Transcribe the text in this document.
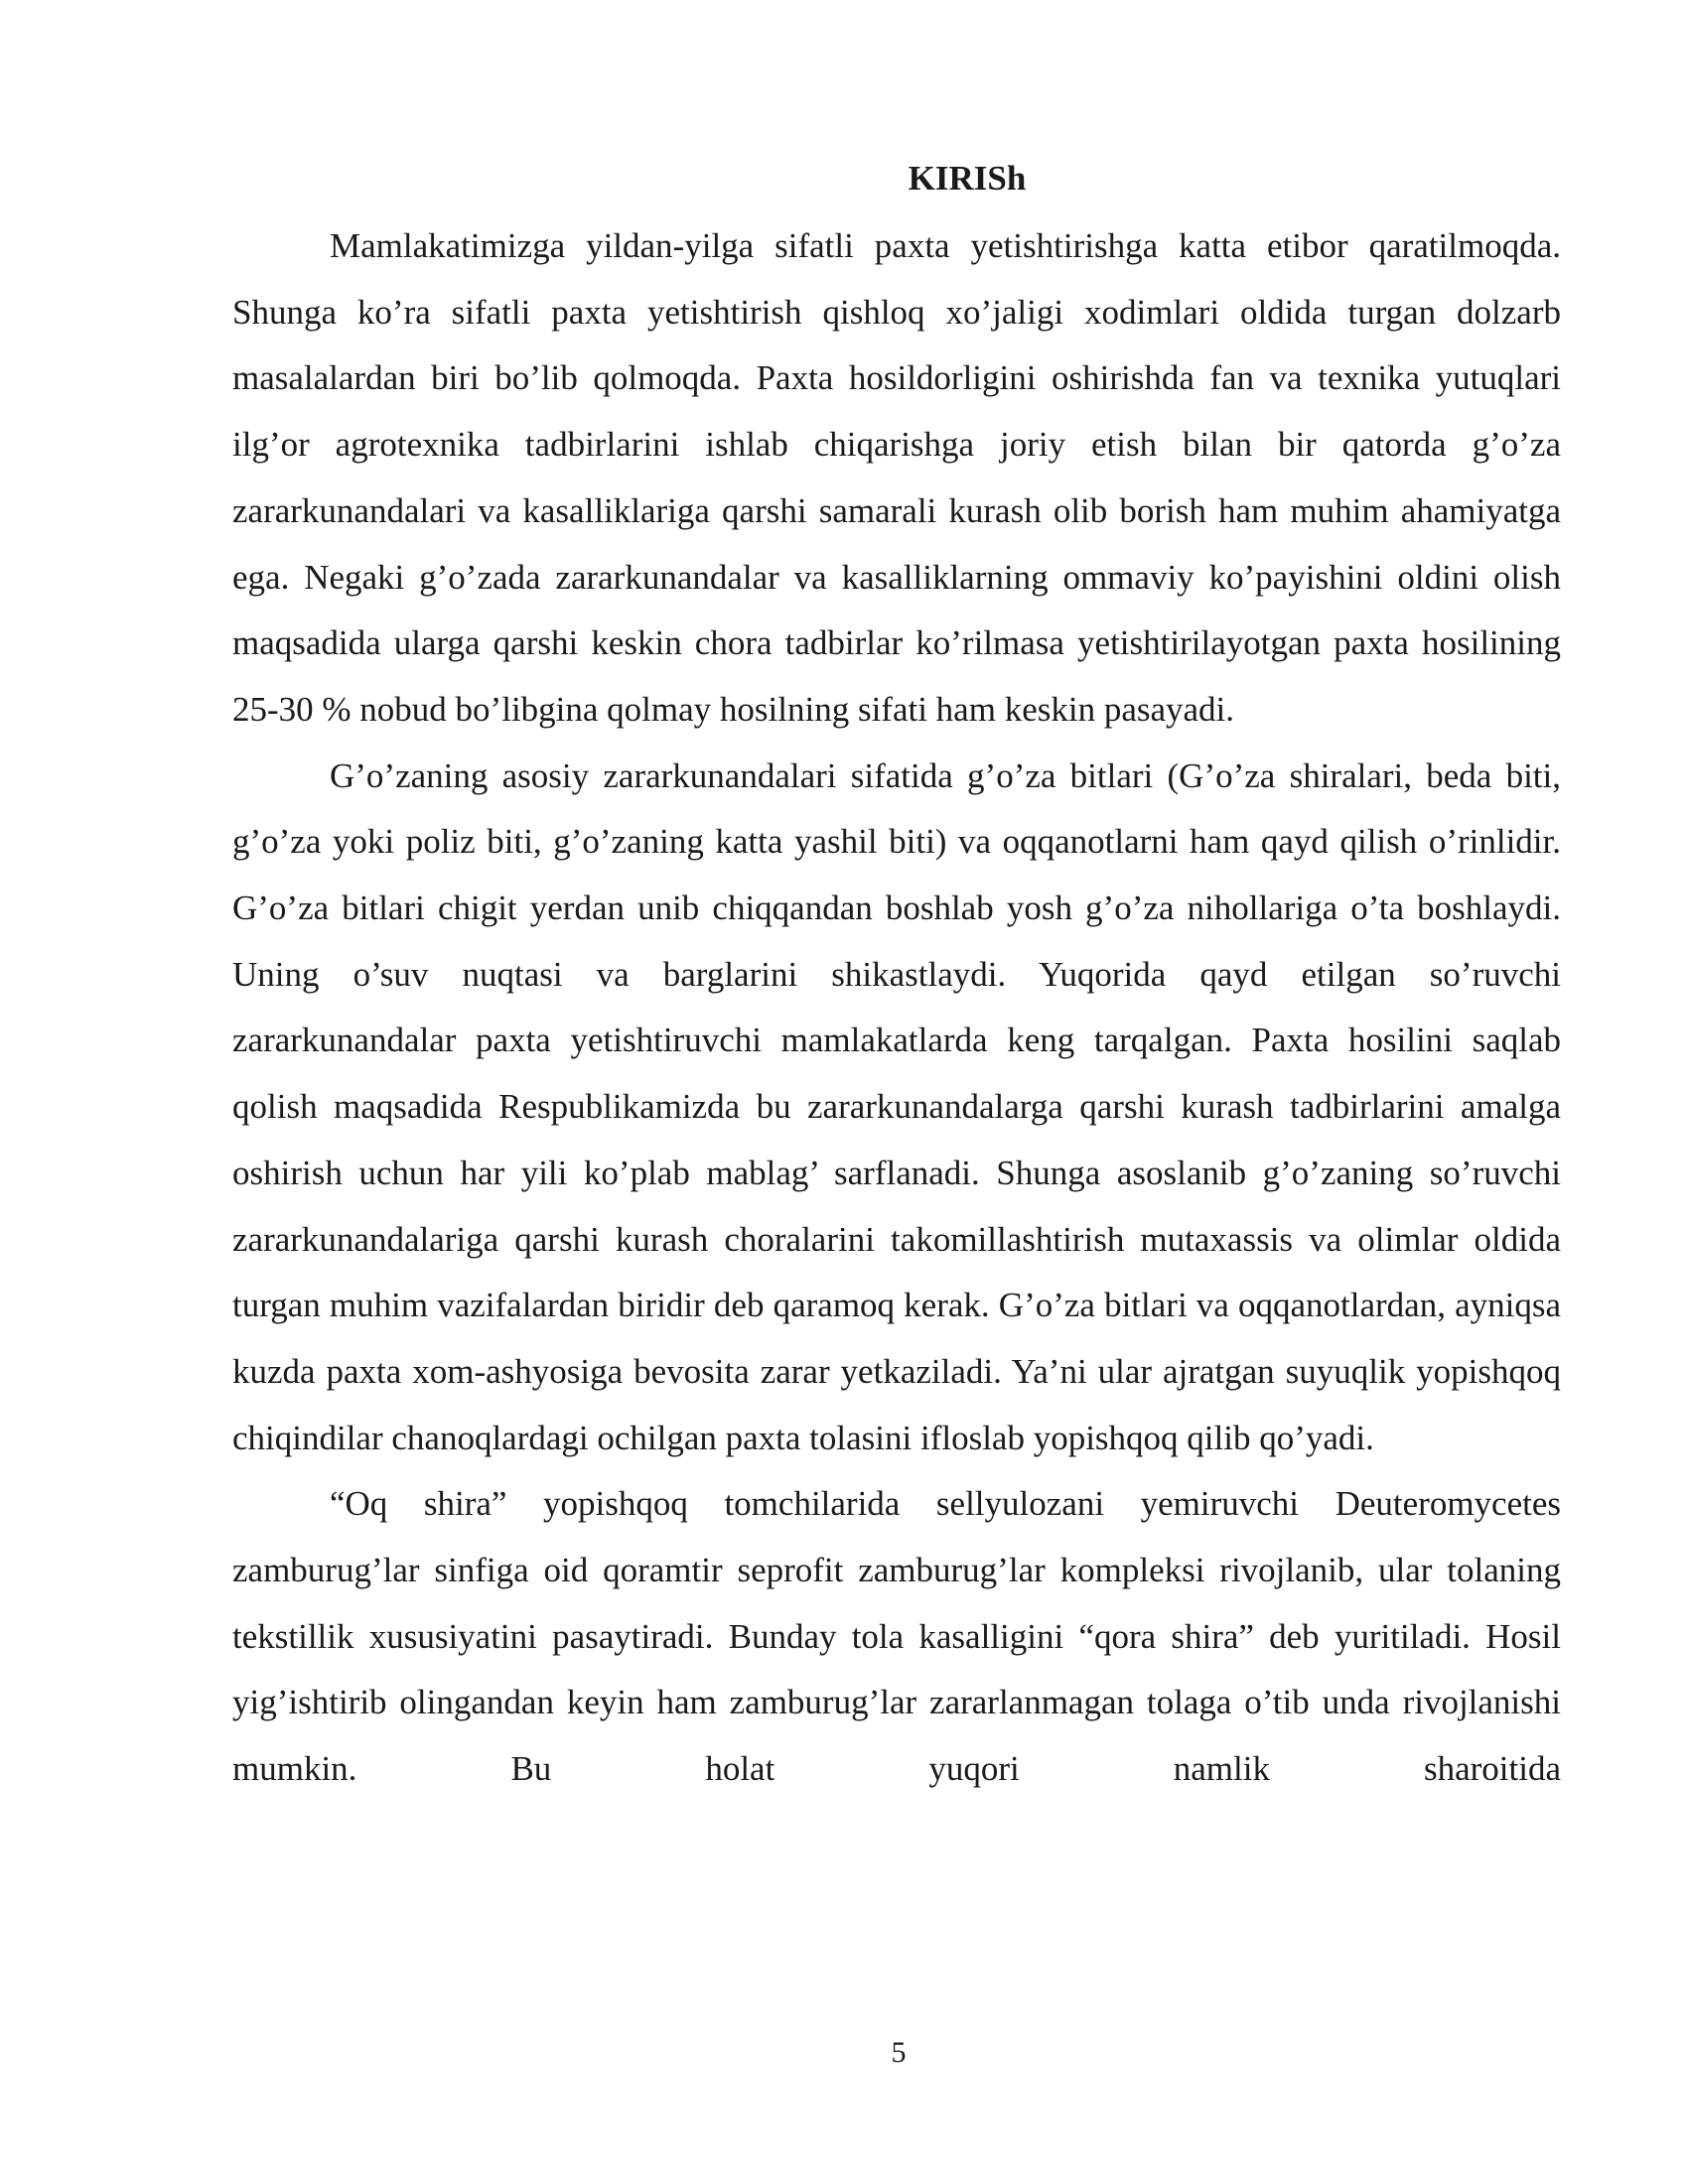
KIRISh

Mamlakatimizga yildan-yilga sifatli paxta yetishtirishga katta etibor qaratilmoqda. Shunga ko’ra sifatli paxta yetishtirish qishloq xo’jaligi xodimlari oldida turgan dolzarb masalalardan biri bo’lib qolmoqda. Paxta hosildorligini oshirishda fan va texnika yutuqlari ilg’or agrotexnika tadbirlarini ishlab chiqarishga joriy etish bilan bir qatorda g’o’za zararkunandalari va kasalliklariga qarshi samarali kurash olib borish ham muhim ahamiyatga ega. Negaki g’o’zada zararkunandalar va kasalliklarning ommaviy ko’payishini oldini olish maqsadida ularga qarshi keskin chora tadbirlar ko’rilmasa yetishtirilayotgan paxta hosilining 25-30 % nobud bo’libgina qolmay hosilning sifati ham keskin pasayadi.

G’o’zaning asosiy zararkunandalari sifatida g’o’za bitlari (G’o’za shiralari, beda biti, g’o’za yoki poliz biti, g’o’zaning katta yashil biti) va oqqanotlarni ham qayd qilish o’rinlidir. G’o’za bitlari chigit yerdan unib chiqqandan boshlab yosh g’o’za nihollariga o’ta boshlaydi. Uning o’suv nuqtasi va barglarini shikastlaydi. Yuqorida qayd etilgan so’ruvchi zararkunandalar paxta yetishtiruvchi mamlakatlarda keng tarqalgan. Paxta hosilini saqlab qolish maqsadida Respublikamizda bu zararkunandalarga qarshi kurash tadbirlarini amalga oshirish uchun har yili ko’plab mablag’ sarflanadi. Shunga asoslanib g’o’zaning so’ruvchi zararkunandalariga qarshi kurash choralarini takomillashtirish mutaxassis va olimlar oldida turgan muhim vazifalardan biridir deb qaramoq kerak. G’o’za bitlari va oqqanotlardan, ayniqsa kuzda paxta xom-ashyosiga bevosita zarar yetkaziladi. Ya’ni ular ajratgan suyuqlik yopishqoq chiqindilar chanoqlardagi ochilgan paxta tolasini ifloslab yopishqoq qilib qo’yadi.

“Oq shira” yopishqoq tomchilarida sellyulozani yemiruvchi Deuteromycetes zamburug’lar sinfiga oid qoramtir seprofit zamburug’lar kompleksi rivojlanib, ular tolaning tekstillik xususiyatini pasaytiradi. Bunday tola kasalligini “qora shira” deb yuritiladi. Hosil yig’ishtirib olingandan keyin ham zamburug’lar zararlanmagan tolaga o’tib unda rivojlanishi mumkin. Bu holat yuqori namlik sharoitida

5
